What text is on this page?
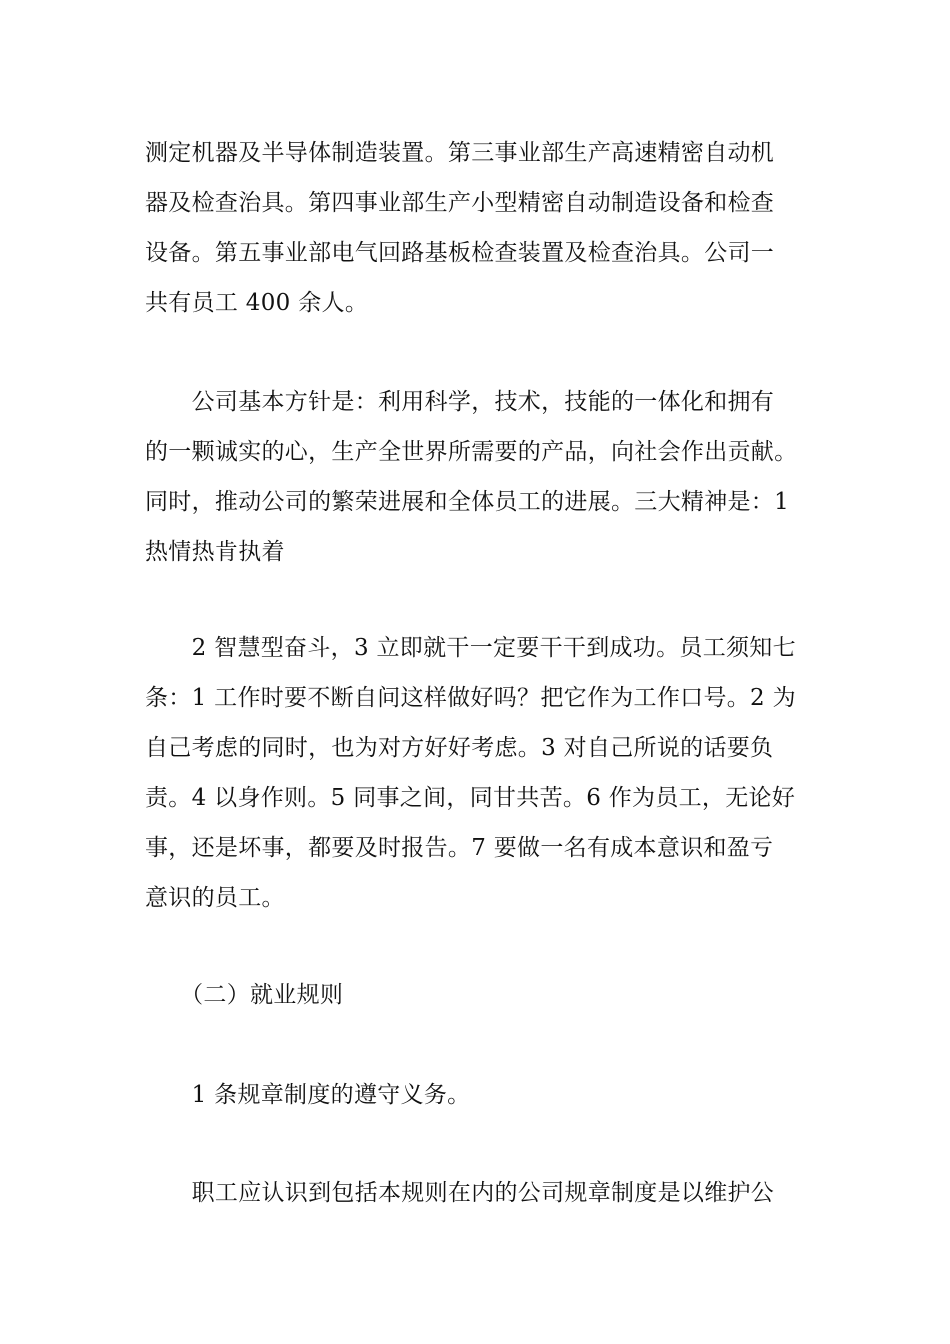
测定机器及半导体制造装置。第三事业部生产高速精密自动机
器及检查治具。第四事业部生产小型精密自动制造设备和检查
设备。第五事业部电气回路基板检查装置及检查治具。公司一
共有员工 400 余人。

　　公司基本方针是：利用科学，技术，技能的一体化和拥有
的一颗诚实的心，生产全世界所需要的产品，向社会作出贡献。
同时，推动公司的繁荣进展和全体员工的进展。三大精神是：1
热情热肯执着

　　2 智慧型奋斗，3 立即就干一定要干干到成功。员工须知七
条：1 工作时要不断自问这样做好吗？把它作为工作口号。2 为
自己考虑的同时，也为对方好好考虑。3 对自己所说的话要负
责。4 以身作则。5 同事之间，同甘共苦。6 作为员工，无论好
事，还是坏事，都要及时报告。7 要做一名有成本意识和盈亏
意识的员工。

　　（二）就业规则

　　1 条规章制度的遵守义务。

　　职工应认识到包括本规则在内的公司规章制度是以维护公
